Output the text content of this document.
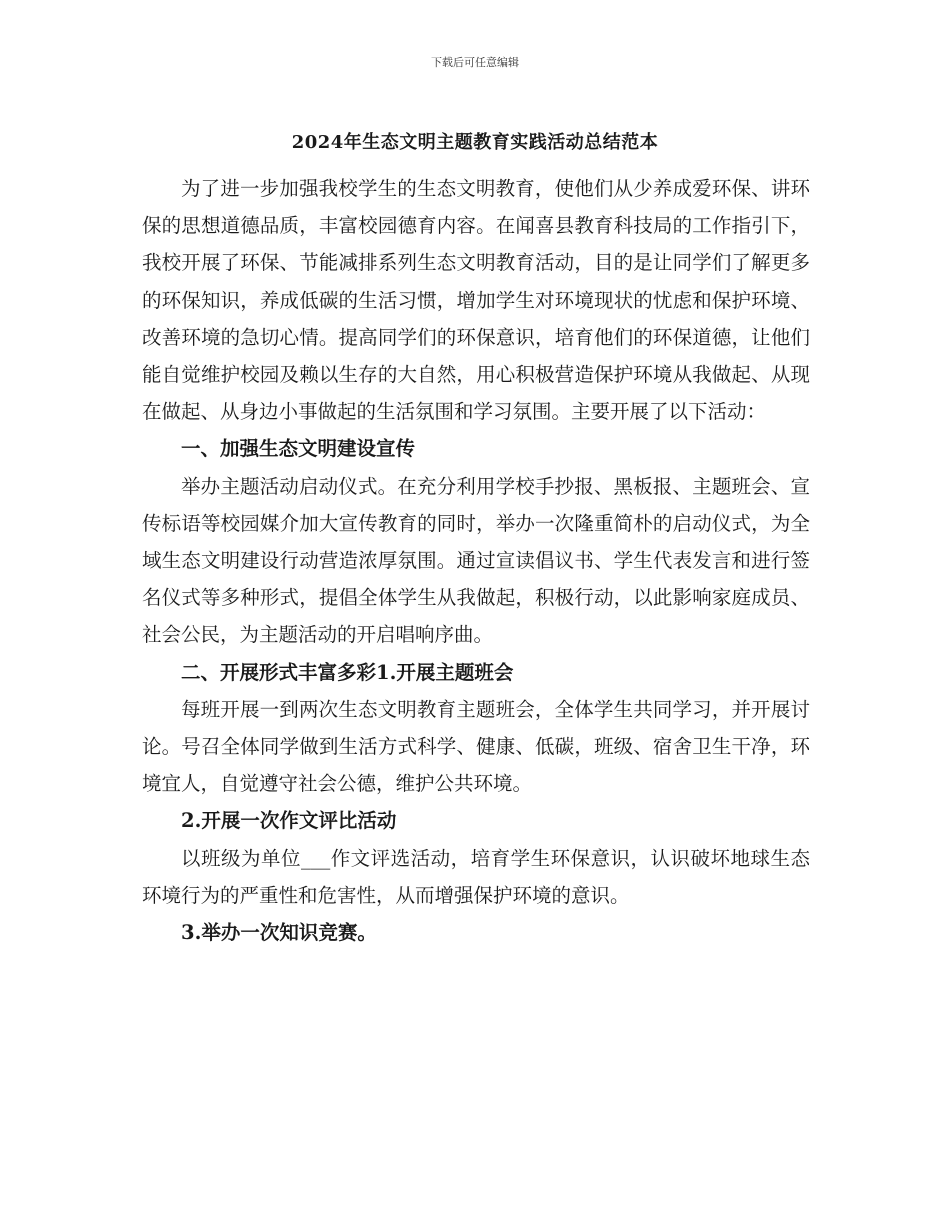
下载后可任意编辑
2024年生态文明主题教育实践活动总结范本

为了进一步加强我校学生的生态文明教育，使他们从少养成爱环保、讲环保的思想道德品质，丰富校园德育内容。在闻喜县教育科技局的工作指引下，我校开展了环保、节能减排系列生态文明教育活动，目的是让同学们了解更多的环保知识，养成低碳的生活习惯，增加学生对环境现状的忧虑和保护环境、改善环境的急切心情。提高同学们的环保意识，培育他们的环保道德，让他们能自觉维护校园及赖以生存的大自然，用心积极营造保护环境从我做起、从现在做起、从身边小事做起的生活氛围和学习氛围。主要开展了以下活动：

一、加强生态文明建设宣传

举办主题活动启动仪式。在充分利用学校手抄报、黑板报、主题班会、宣传标语等校园媒介加大宣传教育的同时，举办一次隆重简朴的启动仪式，为全域生态文明建设行动营造浓厚氛围。通过宣读倡议书、学生代表发言和进行签名仪式等多种形式，提倡全体学生从我做起，积极行动，以此影响家庭成员、社会公民，为主题活动的开启唱响序曲。

二、开展形式丰富多彩1.开展主题班会

每班开展一到两次生态文明教育主题班会，全体学生共同学习，并开展讨论。号召全体同学做到生活方式科学、健康、低碳，班级、宿舍卫生干净，环境宜人，自觉遵守社会公德，维护公共环境。

2.开展一次作文评比活动

以班级为单位___作文评选活动，培育学生环保意识，认识破坏地球生态环境行为的严重性和危害性，从而增强保护环境的意识。

3.举办一次知识竞赛。
